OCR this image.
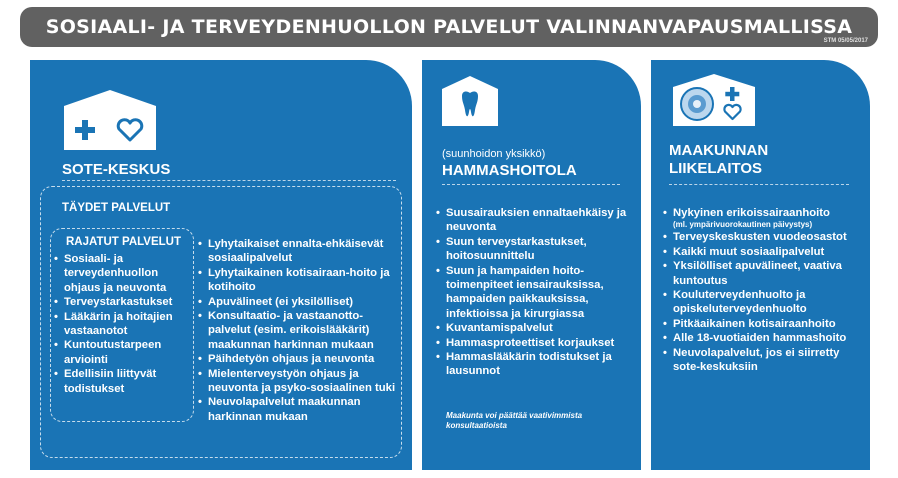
SOSIAALI- JA TERVEYDENHUOLLON PALVELUT VALINNANVAPAUSMALLISSA
STM 05/05/2017
SOTE-KESKUS
TÄYDET PALVELUT
RAJATUT PALVELUT
• Sosiaali- ja terveydenhuollon ohjaus ja neuvonta
• Terveystarkastukset
• Lääkärin ja hoitajien vastaanotot
• Kuntoutustarpeen arviointi
• Edellisiin liittyvät todistukset
• Lyhytaikaiset ennalta-ehkäisevät sosiaalipalvelut
• Lyhytaikainen kotisairaan-hoito ja kotihoito
• Apuvälineet (ei yksilölliset)
• Konsultaatio- ja vastaanotto-palvelut (esim. erikoislääkärit) maakunnan harkinnan mukaan
• Päihdetyön ohjaus ja neuvonta
• Mielenterveystyön ohjaus ja neuvonta ja psyko-sosiaalinen tuki
• Neuvolapalvelut maakunnan harkinnan mukaan
(suunhoidon yksikkö)
HAMMASHOITOLA
• Suusairauksien ennaltaehkäisy ja neuvonta
• Suun terveystarkastukset, hoitosuunnittelu
• Suun ja hampaiden hoito-toimenpiteet iensairauksissa, hampaiden paikkauksissa, infektioissa ja kirurgiassa
• Kuvantamispalvelut
• Hammasproteettiset korjaukset
• Hammaslääkärin todistukset ja lausunnot
Maakunta voi päättää vaativimmista konsultaatioista
MAAKUNNAN
LIIKELAITOS
• Nykyinen erikoissairaanhoito
(ml. ympärivuorokautinen päivystys)
• Terveyskeskusten vuodeosastot
• Kaikki muut sosiaalipalvelut
• Yksilölliset apuvälineet, vaativa kuntoutus
• Kouluterveydenhuolto ja opiskeluterveydenhuolto
• Pitkäaikainen kotisairaanhoito
• Alle 18-vuotiaiden hammashoito
• Neuvolapalvelut, jos ei siirretty sote-keskuksiin
